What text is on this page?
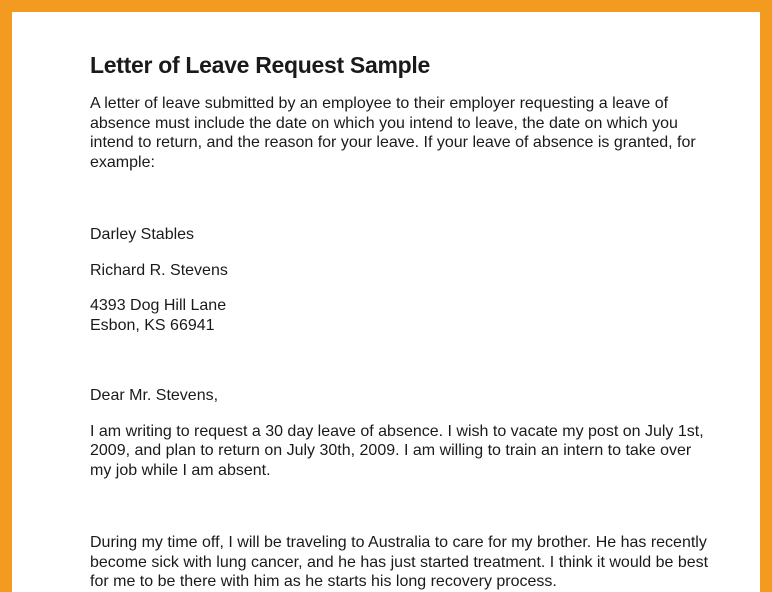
Letter of Leave Request Sample

A letter of leave submitted by an employee to their employer requesting a leave of absence must include the date on which you intend to leave, the date on which you intend to return, and the reason for your leave. If your leave of absence is granted, for example:

Darley Stables

Richard R. Stevens

4393 Dog Hill Lane

Esbon, KS 66941

Dear Mr. Stevens,

I am writing to request a 30 day leave of absence. I wish to vacate my post on July 1st, 2009, and plan to return on July 30th, 2009. I am willing to train an intern to take over my job while I am absent.

During my time off, I will be traveling to Australia to care for my brother. He has recently become sick with lung cancer, and he has just started treatment. I think it would be best for me to be there with him as he starts his long recovery process.
